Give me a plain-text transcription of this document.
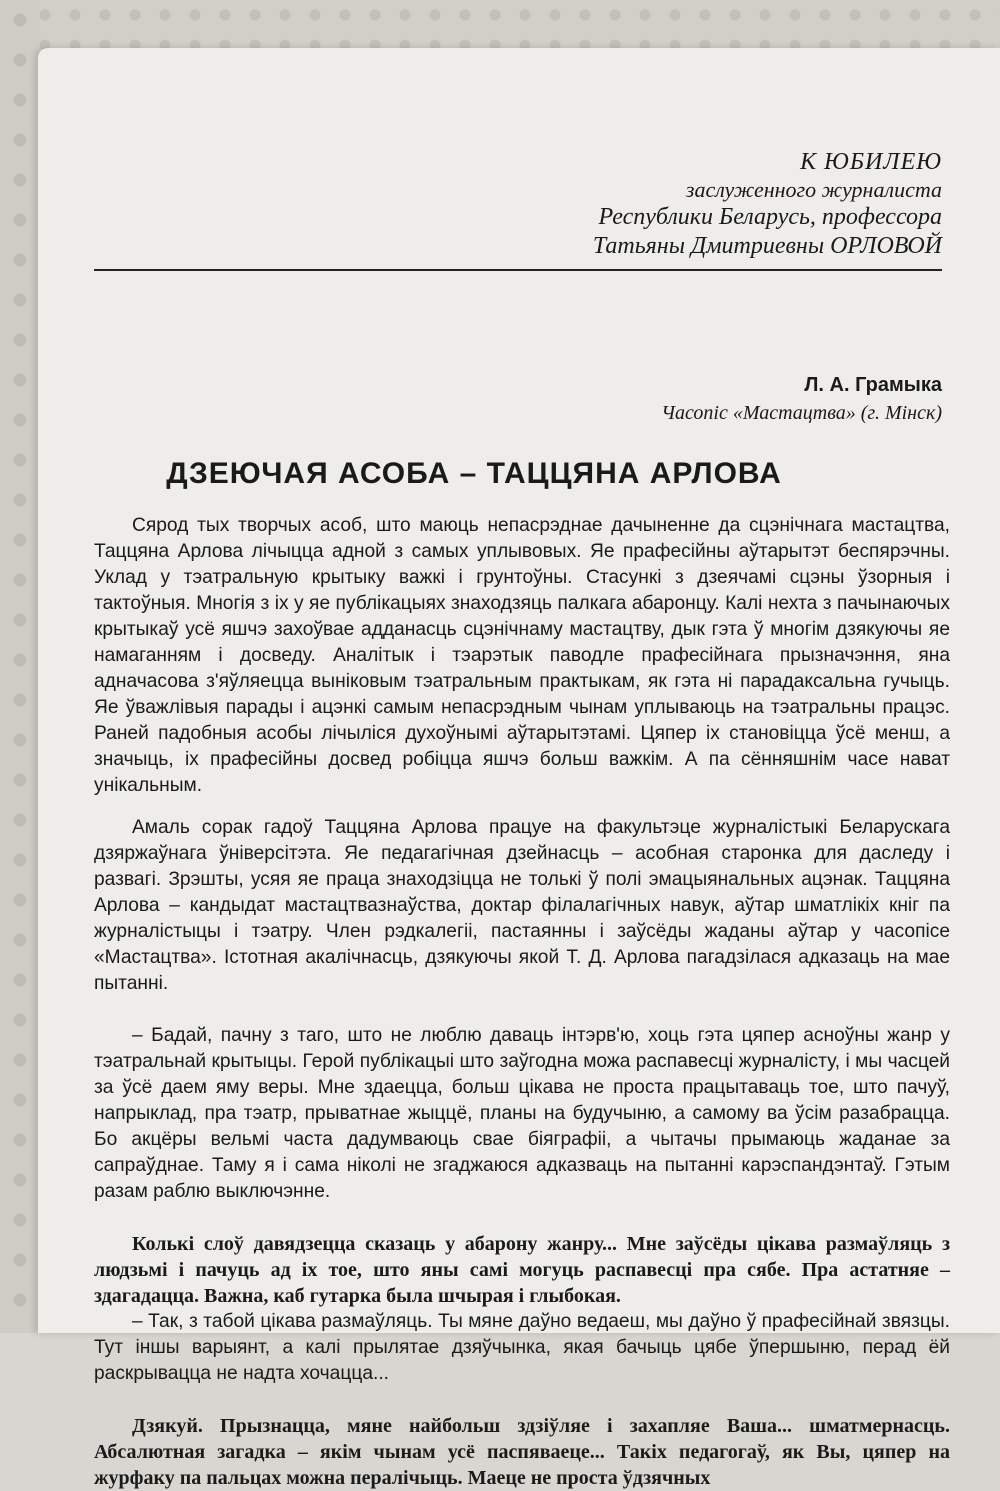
К ЮБИЛЕЮ
заслуженного журналиста
Республики Беларусь, профессора
Татьяны Дмитриевны ОРЛОВОЙ
Л. А. Грамыка
Часопіс «Мастацтва» (г. Мінск)
ДЗЕЮЧАЯ АСОБА – ТАЦЦЯНА АРЛОВА

Сярод тых творчых асоб, што маюць непасрэднае дачыненне да сцэнічнага мастацтва, Таццяна Арлова лічыцца адной з самых уплывовых. Яе прафесійны аўтарытэт беспярэчны. Уклад у тэатральную крытыку важкі і грунтоўны. Стасункі з дзеячамі сцэны ўзорныя і тактоўныя. Многія з іх у яе публікацыях знаходзяць палкага абаронцу. Калі нехта з пачынаючых крытыкаў усё яшчэ захоўвае адданасць сцэнічнаму мастацтву, дык гэта ў многім дзякуючы яе намаганням і досведу. Аналітык і тэарэтык паводле прафесійнага прызначэння, яна адначасова з'яўляецца выніковым тэатральным практыкам, як гэта ні парадаксальна гучыць. Яе ўважлівыя парады і ацэнкі самым непасрэдным чынам уплываюць на тэатральны працэс. Раней падобныя асобы лічыліся духоўнымі аўтарытэтамі. Цяпер іх становіцца ўсё менш, а значыць, іх прафесійны досвед робіцца яшчэ больш важкім. А па сённяшнім часе нават унікальным.

Амаль сорак гадоў Таццяна Арлова працуе на факультэце журналістыкі Беларускага дзяржаўнага ўніверсітэта. Яе педагагічная дзейнасць – асобная старонка для даследу і развагі. Зрэшты, усяя яе праца знаходзіцца не толькі ў полі эмацыянальных ацэнак. Таццяна Арлова – кандыдат мастацтвазнаўства, доктар філалагічных навук, аўтар шматлікіх кніг па журналістыцы і тэатру. Член рэдкалегіі, пастаянны і заўсёды жаданы аўтар у часопісе «Мастацтва». Істотная акалічнасць, дзякуючы якой Т. Д. Арлова пагадзілася адказаць на мае пытанні.

– Бадай, пачну з таго, што не люблю даваць інтэрв'ю, хоць гэта цяпер асноўны жанр у тэатральнай крытыцы. Герой публікацыі што заўгодна можа распавесці журналісту, і мы часцей за ўсё даем яму веры. Мне здаецца, больш цікава не проста працытаваць тое, што пачуў, напрыклад, пра тэатр, прыватнае жыццё, планы на будучыню, а самому ва ўсім разабрацца. Бо акцёры вельмі часта дадумваюць свае біяграфіі, а чытачы прымаюць жаданае за сапраўднае. Таму я і сама ніколі не згаджаюся адказваць на пытанні карэспандэнтаў. Гэтым разам раблю выключэнне.

Колькі слоў давядзецца сказаць у абарону жанру... Мне заўсёды цікава размаўляць з людзьмі і пачуць ад іх тое, што яны самі могуць распавесці пра сябе. Пра астатняе – здагадацца. Важна, каб гутарка была шчырая і глыбокая.

– Так, з табой цікава размаўляць. Ты мяне даўно ведаеш, мы даўно ў прафесійнай звязцы. Тут іншы варыянт, а калі прылятае дзяўчынка, якая бачыць цябе ўпершыню, перад ёй раскрывацца не надта хочацца...

Дзякуй. Прызнацца, мяне найбольш здзіўляе і захапляе Ваша... шматмернасць. Абсалютная загадка – якім чынам усё паспяваеце... Такіх педагогаў, як Вы, цяпер на журфаку па пальцах можна пералічыць. Маеце не проста ўдзячных
